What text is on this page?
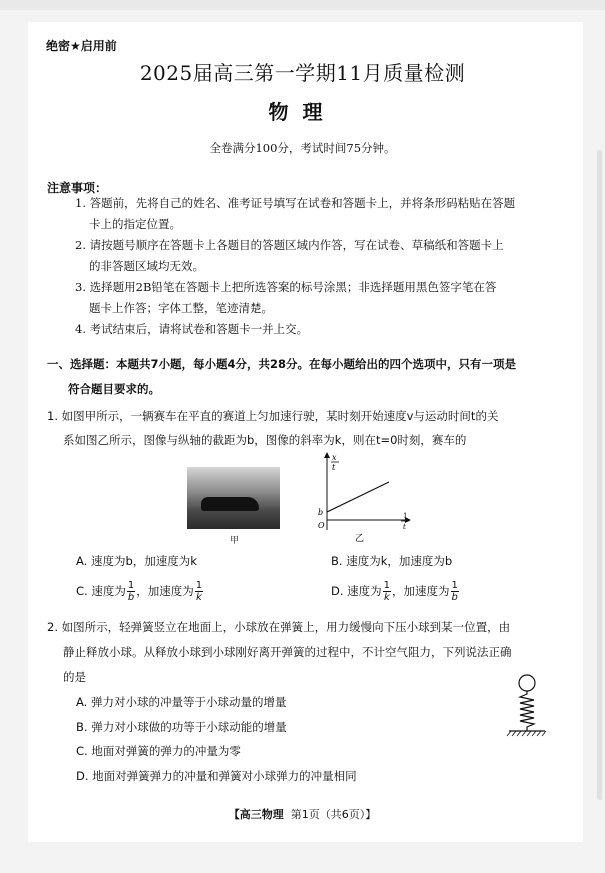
绝密★启用前
2025届高三第一学期11月质量检测
物理
全卷满分100分，考试时间75分钟。
注意事项：
1. 答题前，先将自己的姓名、准考证号填写在试卷和答题卡上，并将条形码粘贴在答题
卡上的指定位置。
2. 请按题号顺序在答题卡上各题目的答题区域内作答，写在试卷、草稿纸和答题卡上
的非答题区域均无效。
3. 选择题用2B铅笔在答题卡上把所选答案的标号涂黑；非选择题用黑色签字笔在答
题卡上作答；字体工整，笔迹清楚。
4. 考试结束后，请将试卷和答题卡一并上交。
一、选择题：本题共7小题，每小题4分，共28分。在每小题给出的四个选项中，只有一项是
符合题目要求的。
1. 如图甲所示，一辆赛车在平直的赛道上匀加速行驶，某时刻开始速度v与运动时间t的关
系如图乙所示，图像与纵轴的截距为b，图像的斜率为k，则在t=0时刻，赛车的
甲
x
t
b
O
1
t
乙
A. 速度为b，加速度为k	B. 速度为k，加速度为b
C. 速度为 $\frac{1}{b}$ ，加速度为 $\frac{1}{k}$	D. 速度为 $\frac{1}{k}$ ，加速度为 $\frac{1}{b}$
2. 如图所示，轻弹簧竖立在地面上，小球放在弹簧上，用力缓慢向下压小球到某一位置，由
静止释放小球。从释放小球到小球刚好离开弹簧的过程中，不计空气阻力，下列说法正确
的是
A. 弹力对小球的冲量等于小球动量的增量
B. 弹力对小球做的功等于小球动能的增量
C. 地面对弹簧的弹力的冲量为零
D. 地面对弹簧弹力的冲量和弹簧对小球弹力的冲量相同
【高三物理 第1页（共6页）】
